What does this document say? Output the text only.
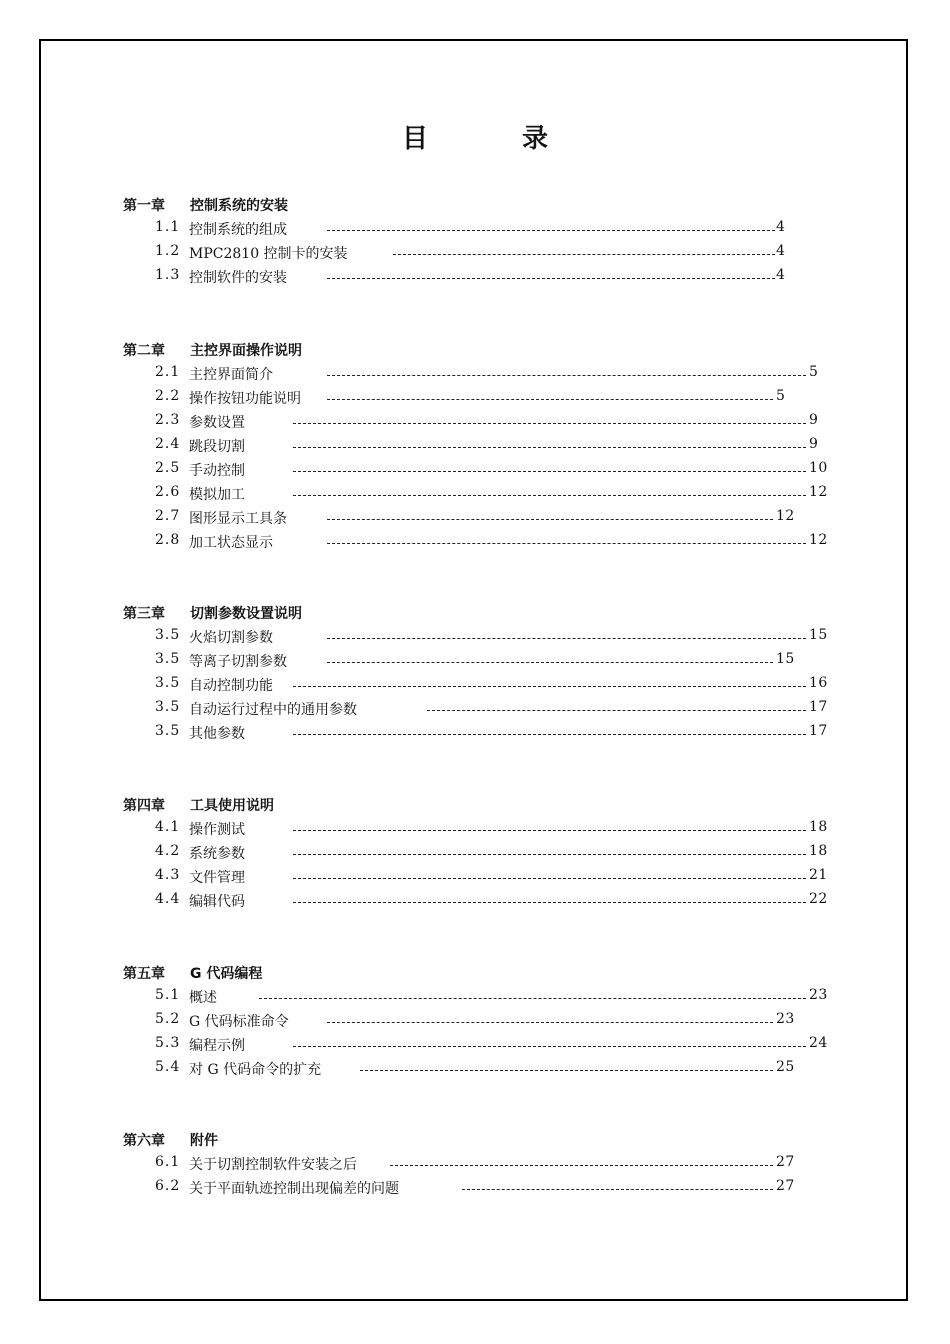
目　录
第一章 控制系统的安装
1.1 控制系统的组成	4
1.2 MPC2810 控制卡的安装	4
1.3 控制软件的安装	4
第二章 主控界面操作说明
2.1 主控界面简介	5
2.2 操作按钮功能说明	5
2.3 参数设置	9
2.4 跳段切割	9
2.5 手动控制	10
2.6 模拟加工	12
2.7 图形显示工具条	12
2.8 加工状态显示	12
第三章 切割参数设置说明
3.5 火焰切割参数	15
3.5 等离子切割参数	15
3.5 自动控制功能	16
3.5 自动运行过程中的通用参数	17
3.5 其他参数	17
第四章 工具使用说明
4.1 操作测试	18
4.2 系统参数	18
4.3 文件管理	21
4.4 编辑代码	22
第五章 G 代码编程
5.1 概述	23
5.2 G 代码标准命令	23
5.3 编程示例	24
5.4 对 G 代码命令的扩充	25
第六章 附件
6.1 关于切割控制软件安装之后	27
6.2 关于平面轨迹控制出现偏差的问题	27
